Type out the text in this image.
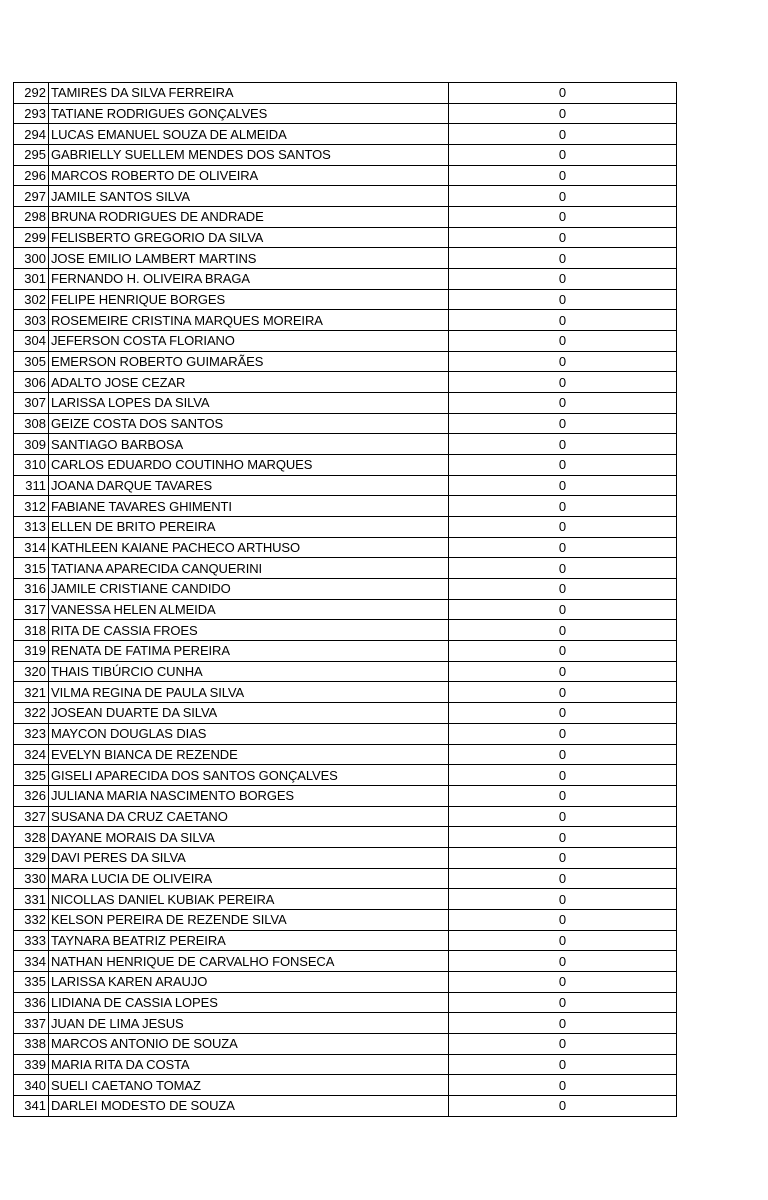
292	TAMIRES DA SILVA FERREIRA	0
293	TATIANE RODRIGUES GONÇALVES	0
294	LUCAS EMANUEL SOUZA DE ALMEIDA	0
295	GABRIELLY SUELLEM MENDES DOS SANTOS	0
296	MARCOS ROBERTO DE OLIVEIRA	0
297	JAMILE SANTOS SILVA	0
298	BRUNA RODRIGUES DE ANDRADE	0
299	FELISBERTO GREGORIO DA SILVA	0
300	JOSE EMILIO LAMBERT MARTINS	0
301	FERNANDO H. OLIVEIRA BRAGA	0
302	FELIPE HENRIQUE BORGES	0
303	ROSEMEIRE CRISTINA MARQUES MOREIRA	0
304	JEFERSON COSTA FLORIANO	0
305	EMERSON ROBERTO GUIMARÃES	0
306	ADALTO JOSE CEZAR	0
307	LARISSA LOPES DA SILVA	0
308	GEIZE COSTA DOS SANTOS	0
309	SANTIAGO BARBOSA	0
310	CARLOS EDUARDO COUTINHO MARQUES	0
311	JOANA DARQUE TAVARES	0
312	FABIANE TAVARES GHIMENTI	0
313	ELLEN DE BRITO PEREIRA	0
314	KATHLEEN KAIANE PACHECO ARTHUSO	0
315	TATIANA APARECIDA CANQUERINI	0
316	JAMILE CRISTIANE CANDIDO	0
317	VANESSA HELEN ALMEIDA	0
318	RITA DE CASSIA FROES	0
319	RENATA DE FATIMA PEREIRA	0
320	THAIS TIBÚRCIO CUNHA	0
321	VILMA REGINA DE PAULA SILVA	0
322	JOSEAN DUARTE DA SILVA	0
323	MAYCON DOUGLAS DIAS	0
324	EVELYN BIANCA DE REZENDE	0
325	GISELI APARECIDA DOS SANTOS GONÇALVES	0
326	JULIANA MARIA NASCIMENTO BORGES	0
327	SUSANA DA CRUZ CAETANO	0
328	DAYANE MORAIS DA SILVA	0
329	DAVI PERES DA SILVA	0
330	MARA LUCIA DE OLIVEIRA	0
331	NICOLLAS DANIEL KUBIAK PEREIRA	0
332	KELSON PEREIRA DE REZENDE SILVA	0
333	TAYNARA BEATRIZ PEREIRA	0
334	NATHAN HENRIQUE DE CARVALHO FONSECA	0
335	LARISSA KAREN ARAUJO	0
336	LIDIANA DE CASSIA LOPES	0
337	JUAN DE LIMA JESUS	0
338	MARCOS ANTONIO DE SOUZA	0
339	MARIA RITA DA COSTA	0
340	SUELI CAETANO TOMAZ	0
341	DARLEI MODESTO DE SOUZA	0
